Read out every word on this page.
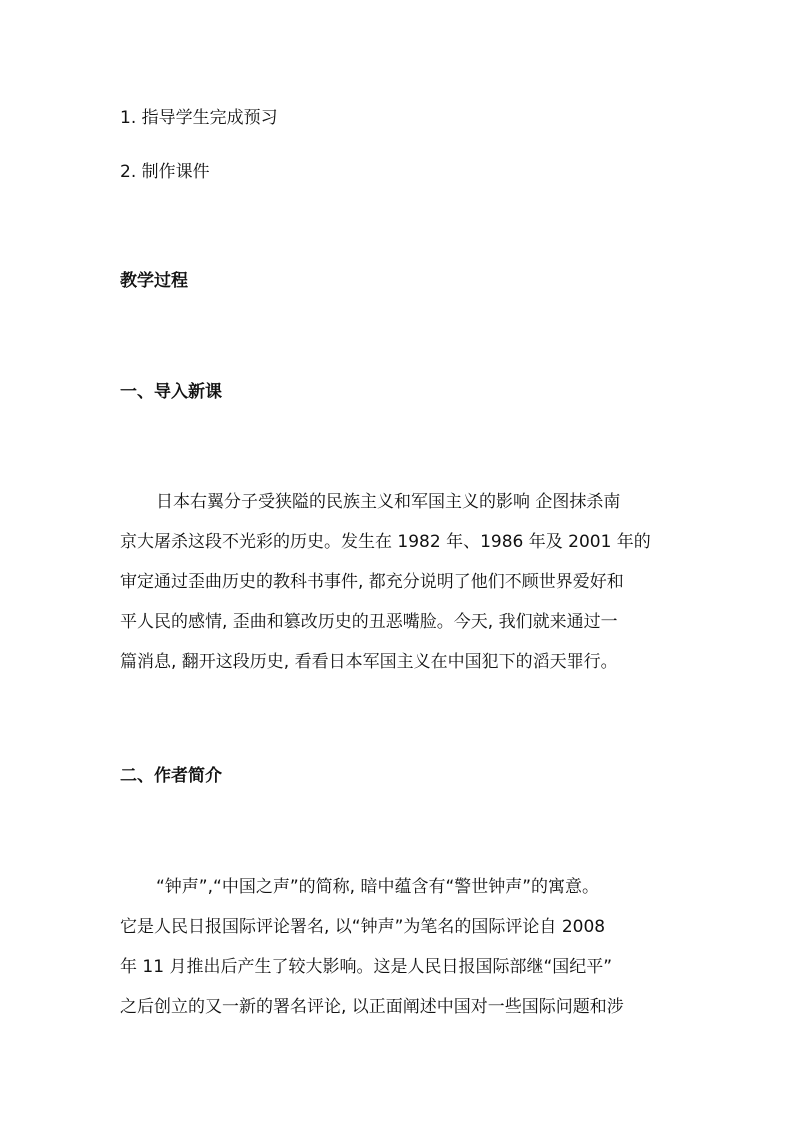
1. 指导学生完成预习

2. 制作课件

教学过程

一、导入新课

日本右翼分子受狭隘的民族主义和军国主义的影响 企图抹杀南
京大屠杀这段不光彩的历史。发生在 1982 年、1986 年及 2001 年的
审定通过歪曲历史的教科书事件, 都充分说明了他们不顾世界爱好和
平人民的感情, 歪曲和篡改历史的丑恶嘴脸。今天, 我们就来通过一
篇消息, 翻开这段历史, 看看日本军国主义在中国犯下的滔天罪行。

二、作者简介

“钟声”,“中国之声”的简称, 暗中蕴含有“警世钟声”的寓意。
它是人民日报国际评论署名, 以“钟声”为笔名的国际评论自 2008
年 11 月推出后产生了较大影响。这是人民日报国际部继“国纪平”
之后创立的又一新的署名评论, 以正面阐述中国对一些国际问题和涉
